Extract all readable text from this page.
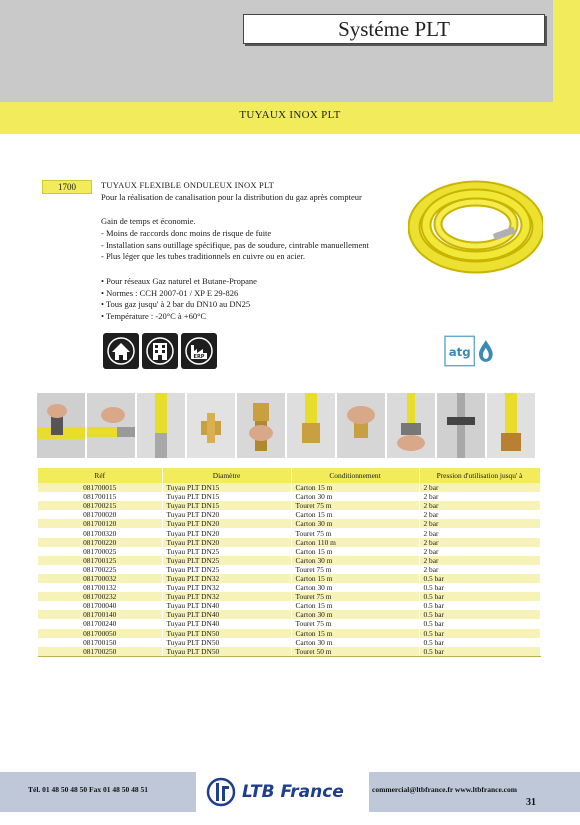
Systéme PLT
TUYAUX INOX PLT
1700	TUYAUX FLEXIBLE ONDULEUX INOX PLT
Pour la réalisation de canalisation pour la distribution du gaz après compteur
Gain de temps et économie.
- Moins de raccords donc moins de risque de fuite
- Installation sans outillage spécifique, pas de soudure, cintrable manuellement
- Plus léger que les tubes traditionnels en cuivre ou en acier.
• Pour réseaux Gaz naturel et Butane-Propane
• Normes : CCH 2007-01 / XP E 29-826
• Tous gaz jusqu' à 2 bar du DN10 au DN25
• Température : -20°C à +60°C
ERP	atg
Réf	Diamètre	Conditionnement	Pression d'utilisation jusqu' à
081700015	Tuyau PLT DN15	Carton 15 m	2 bar
081700115	Tuyau PLT DN15	Carton 30 m	2 bar
081700215	Tuyau PLT DN15	Touret 75 m	2 bar
081700020	Tuyau PLT DN20	Carton 15 m	2 bar
081700120	Tuyau PLT DN20	Carton 30 m	2 bar
081700320	Tuyau PLT DN20	Touret 75 m	2 bar
081700220	Tuyau PLT DN20	Carton 110 m	2 bar
081700025	Tuyau PLT DN25	Carton 15 m	2 bar
081700125	Tuyau PLT DN25	Carton 30 m	2 bar
081700225	Tuyau PLT DN25	Touret 75 m	2 bar
081700032	Tuyau PLT DN32	Carton 15 m	0.5 bar
081700132	Tuyau PLT DN32	Carton 30 m	0.5 bar
081700232	Tuyau PLT DN32	Touret 75 m	0.5 bar
081700040	Tuyau PLT DN40	Carton 15 m	0.5 bar
081700140	Tuyau PLT DN40	Carton 30 m	0.5 bar
081700240	Tuyau PLT DN40	Touret 75 m	0.5 bar
081700050	Tuyau PLT DN50	Carton 15 m	0.5 bar
081700150	Tuyau PLT DN50	Carton 30 m	0.5 bar
081700250	Tuyau PLT DN50	Touret 50 m	0.5 bar
Tél. 01 48 50 48 50 Fax 01 48 50 48 51	LTB France	commercial@ltbfrance.fr www.ltbfrance.com
31
